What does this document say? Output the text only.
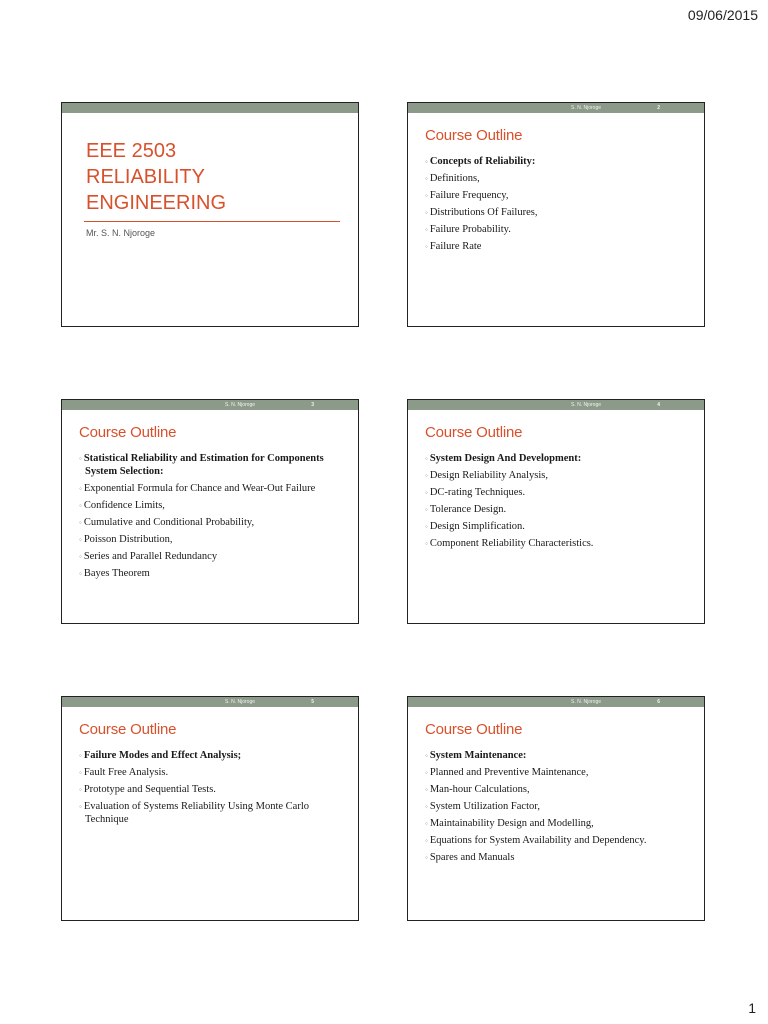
09/06/2015
EEE 2503
RELIABILITY
ENGINEERING
Mr. S. N. Njoroge
S. N. Njoroge	2
Course Outline
◦ Concepts of Reliability:
◦ Definitions,
◦ Failure Frequency,
◦ Distributions Of Failures,
◦ Failure Probability.
◦ Failure Rate
S. N. Njoroge	3
Course Outline
◦ Statistical Reliability and Estimation for Components System Selection:
◦ Exponential Formula for Chance and Wear-Out Failure
◦ Confidence Limits,
◦ Cumulative and Conditional Probability,
◦ Poisson Distribution,
◦ Series and Parallel Redundancy
◦ Bayes Theorem
S. N. Njoroge	4
Course Outline
◦ System Design And Development:
◦ Design Reliability Analysis,
◦ DC-rating Techniques.
◦ Tolerance Design.
◦ Design Simplification.
◦ Component Reliability Characteristics.
S. N. Njoroge	5
Course Outline
◦ Failure Modes and Effect Analysis;
◦ Fault Free Analysis.
◦ Prototype and Sequential Tests.
◦ Evaluation of Systems Reliability Using Monte Carlo Technique
S. N. Njoroge	6
Course Outline
◦ System Maintenance:
◦ Planned and Preventive Maintenance,
◦ Man-hour Calculations,
◦ System Utilization Factor,
◦ Maintainability Design and Modelling,
◦ Equations for System Availability and Dependency.
◦ Spares and Manuals
1
